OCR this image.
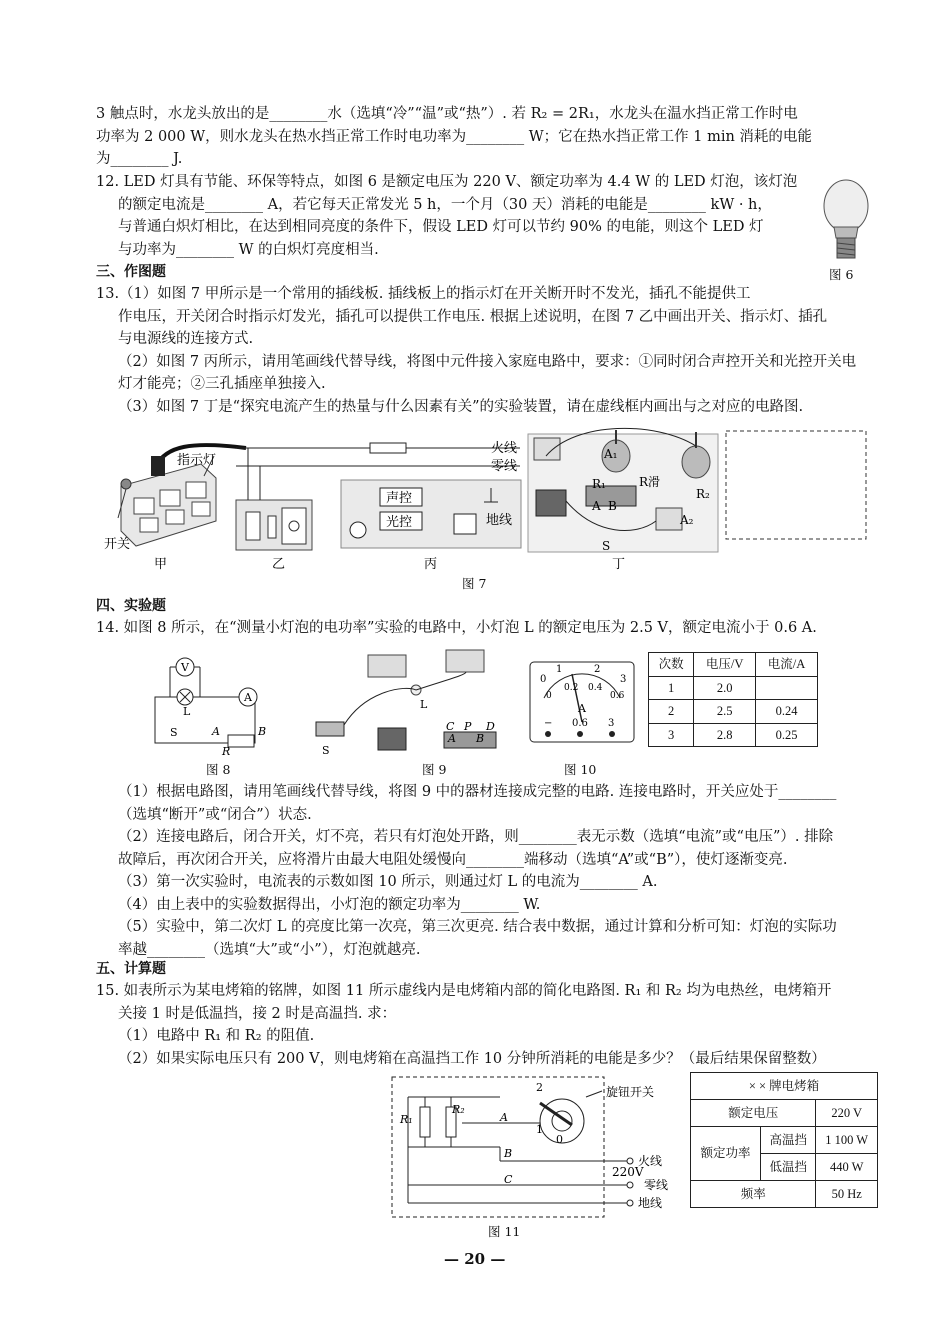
3 触点时，水龙头放出的是________水（选填“冷”“温”或“热”）. 若 R₂ = 2R₁，水龙头在温水挡正常工作时电
功率为 2 000 W，则水龙头在热水挡正常工作时电功率为________ W；它在热水挡正常工作 1 min 消耗的电能
为________ J.
12. LED 灯具有节能、环保等特点，如图 6 是额定电压为 220 V、额定功率为 4.4 W 的 LED 灯泡，该灯泡
的额定电流是________ A，若它每天正常发光 5 h，一个月（30 天）消耗的电能是________ kW · h，
与普通白炽灯相比，在达到相同亮度的条件下，假设 LED 灯可以节约 90% 的电能，则这个 LED 灯
与功率为________ W 的白炽灯亮度相当.
图 6
三、作图题
13.（1）如图 7 甲所示是一个常用的插线板. 插线板上的指示灯在开关断开时不发光，插孔不能提供工
作电压，开关闭合时指示灯发光，插孔可以提供工作电压. 根据上述说明，在图 7 乙中画出开关、指示灯、插孔
与电源线的连接方式.
（2）如图 7 丙所示，请用笔画线代替导线，将图中元件接入家庭电路中，要求：①同时闭合声控开关和光控开关电
灯才能亮；②三孔插座单独接入.
（3）如图 7 丁是“探究电流产生的热量与什么因素有关”的实验装置，请在虚线框内画出与之对应的电路图.
指示灯
开关
甲	乙
火线
零线
声控
光控	地线
丙
A₁
R滑
R₂
A₂
R₁
A B
S
丁
图 7
四、实验题
14. 如图 8 所示，在“测量小灯泡的电功率”实验的电路中，小灯泡 L 的额定电压为 2.5 V，额定电流小于 0.6 A.
V
L
A
S	A	B
R
图 8
L
S
C P D
A B
图 9
0
1	2
3
0
0.2 0.4
0.6
A
− 0.6 3
图 10
次数	电压/V	电流/A
1	2.0	
2	2.5	0.24
3	2.8	0.25
（1）根据电路图，请用笔画线代替导线，将图 9 中的器材连接成完整的电路. 连接电路时，开关应处于________
（选填“断开”或“闭合”）状态.
（2）连接电路后，闭合开关，灯不亮，若只有灯泡处开路，则________表无示数（选填“电流”或“电压”）. 排除
故障后，再次闭合开关，应将滑片由最大电阻处缓慢向________端移动（选填“A”或“B”），使灯逐渐变亮.
（3）第一次实验时，电流表的示数如图 10 所示，则通过灯 L 的电流为________ A.
（4）由上表中的实验数据得出，小灯泡的额定功率为________ W.
（5）实验中，第二次灯 L 的亮度比第一次亮，第三次更亮. 结合表中数据，通过计算和分析可知：灯泡的实际功
率越________（选填“大”或“小”），灯泡就越亮.
五、计算题
15. 如表所示为某电烤箱的铭牌，如图 11 所示虚线内是电烤箱内部的简化电路图. R₁ 和 R₂ 均为电热丝，电烤箱开
关接 1 时是低温挡，接 2 时是高温挡. 求：
（1）电路中 R₁ 和 R₂ 的阻值.
（2）如果实际电压只有 200 V，则电烤箱在高温挡工作 10 分钟所消耗的电能是多少？（最后结果保留整数）
R₁
R₂
A
2
1
0
旋钮开关
B
火线
220V
C	零线
地线
图 11
× × 牌电烤箱		
额定电压		220 V
额定功率	高温挡	1 100 W
	低温挡	440 W
频率		50 Hz
— 20 —
